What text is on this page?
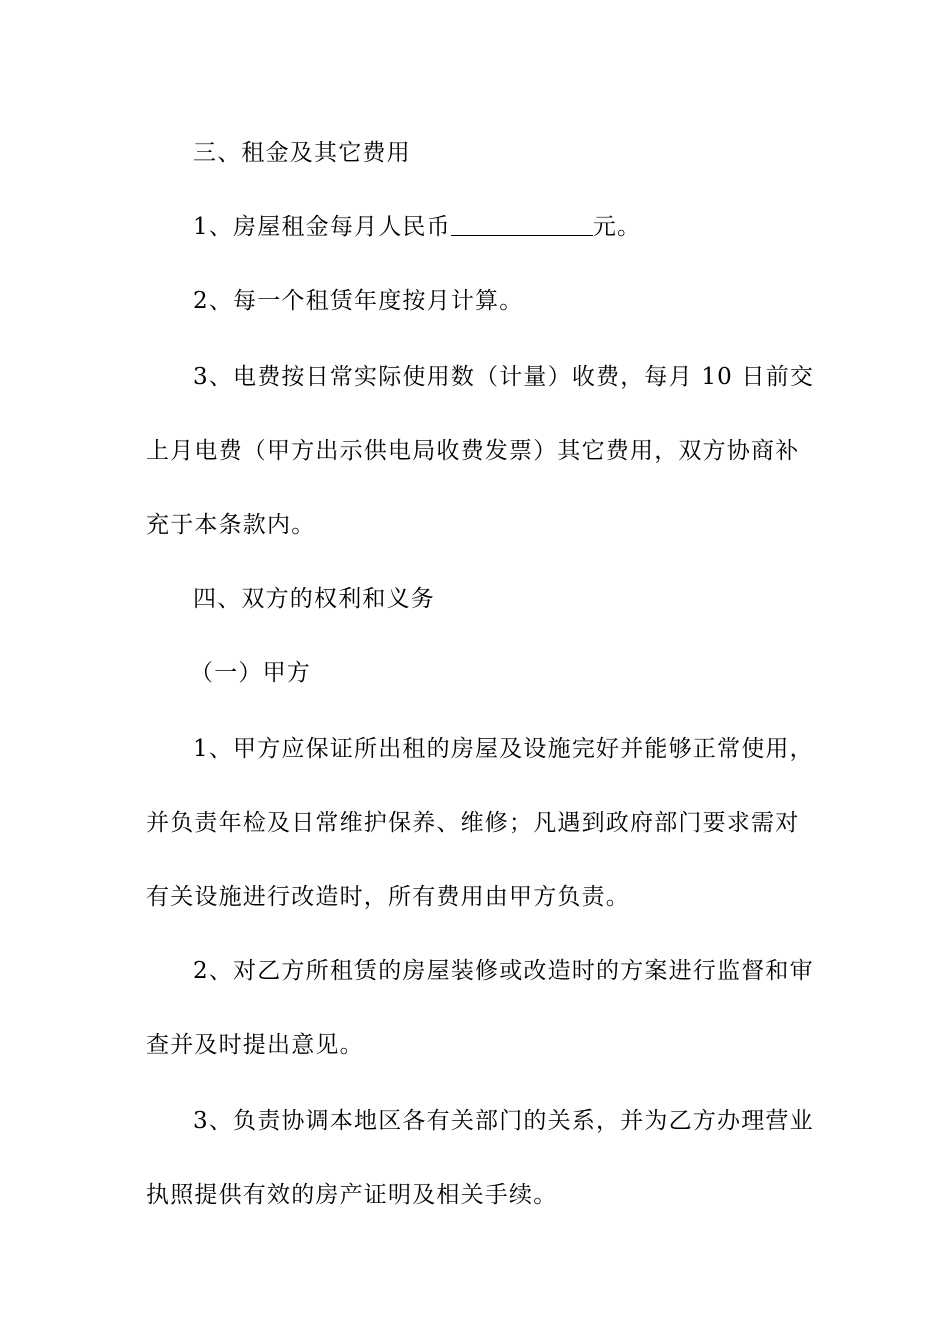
三、租金及其它费用
1、房屋租金每月人民币	元。
2、每一个租赁年度按月计算。
3、电费按日常实际使用数（计量）收费，每月 10 日前交
上月电费（甲方出示供电局收费发票）其它费用，双方协商补
充于本条款内。
四、双方的权利和义务
（一）甲方
1、甲方应保证所出租的房屋及设施完好并能够正常使用，
并负责年检及日常维护保养、维修；凡遇到政府部门要求需对
有关设施进行改造时，所有费用由甲方负责。
2、对乙方所租赁的房屋装修或改造时的方案进行监督和审
查并及时提出意见。
3、负责协调本地区各有关部门的关系，并为乙方办理营业
执照提供有效的房产证明及相关手续。
